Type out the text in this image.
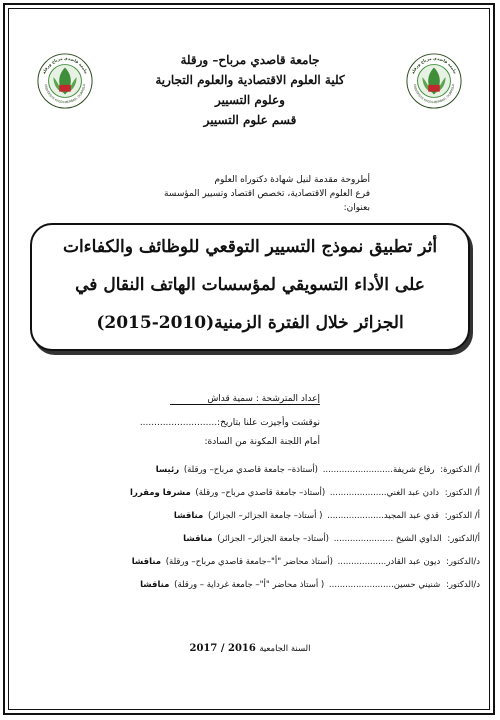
جامعة قاصدي مرباح ورقلة
UNIVERSITE KASDI-MERBAH, OUARGLA
جامعة قاصدي مرباح ورقلة
UNIVERSITE KASDI-MERBAH, OUARGLA
جامعة قاصدي مرباح– ورقلة
كلية العلوم الاقتصادية والعلوم التجارية
وعلوم التسيير
قسم علوم التسيير
أطروحة مقدمة لنيل شهادة دكتوراه العلوم
فرع العلوم الاقتصادية، تخصص اقتصاد وتسيير المؤسسة
بعنوان:
أثر تطبيق نموذج التسيير التوقعي للوظائف والكفاءات
على الأداء التسويقي لمؤسسات الهاتف النقال في
الجزائر خلال الفترة الزمنية(2010-2015)
إعداد المترشحة : سمية قداش
نوقشت وأجيزت علنا بتاريخ:...........................
أمام اللجنة المكونة من السادة:
أ/ الدكتورة: رفاع شريفة.......................... (أستاذة– جامعة قاصدي مرباح– ورقلة) رئيسا
أ/ الدكتور: دادن عبد الغني..................... (أستاذ– جامعة قاصدي مرباح– ورقلة) مشرفا ومقررا
أ/ الدكتور: قدي عبد المجيد..................... ( أستاذ– جامعة الجزائر– الجزائر) مناقشا
أ/الدكتور: الداوي الشيخ ...................... (أستاذ– جامعة الجزائر– الجزائر) مناقشا
د/الدكتور: ديون عبد القادر.................. (أستاذ محاضر "أ"–جامعة قاصدي مرباح– ورقلة) مناقشا
د/الدكتور: شنيني حسين........................ ( أستاذ محاضر "أ"– جامعة غرداية – ورقلة) مناقشا
السنة الجامعية 2016 / 2017
